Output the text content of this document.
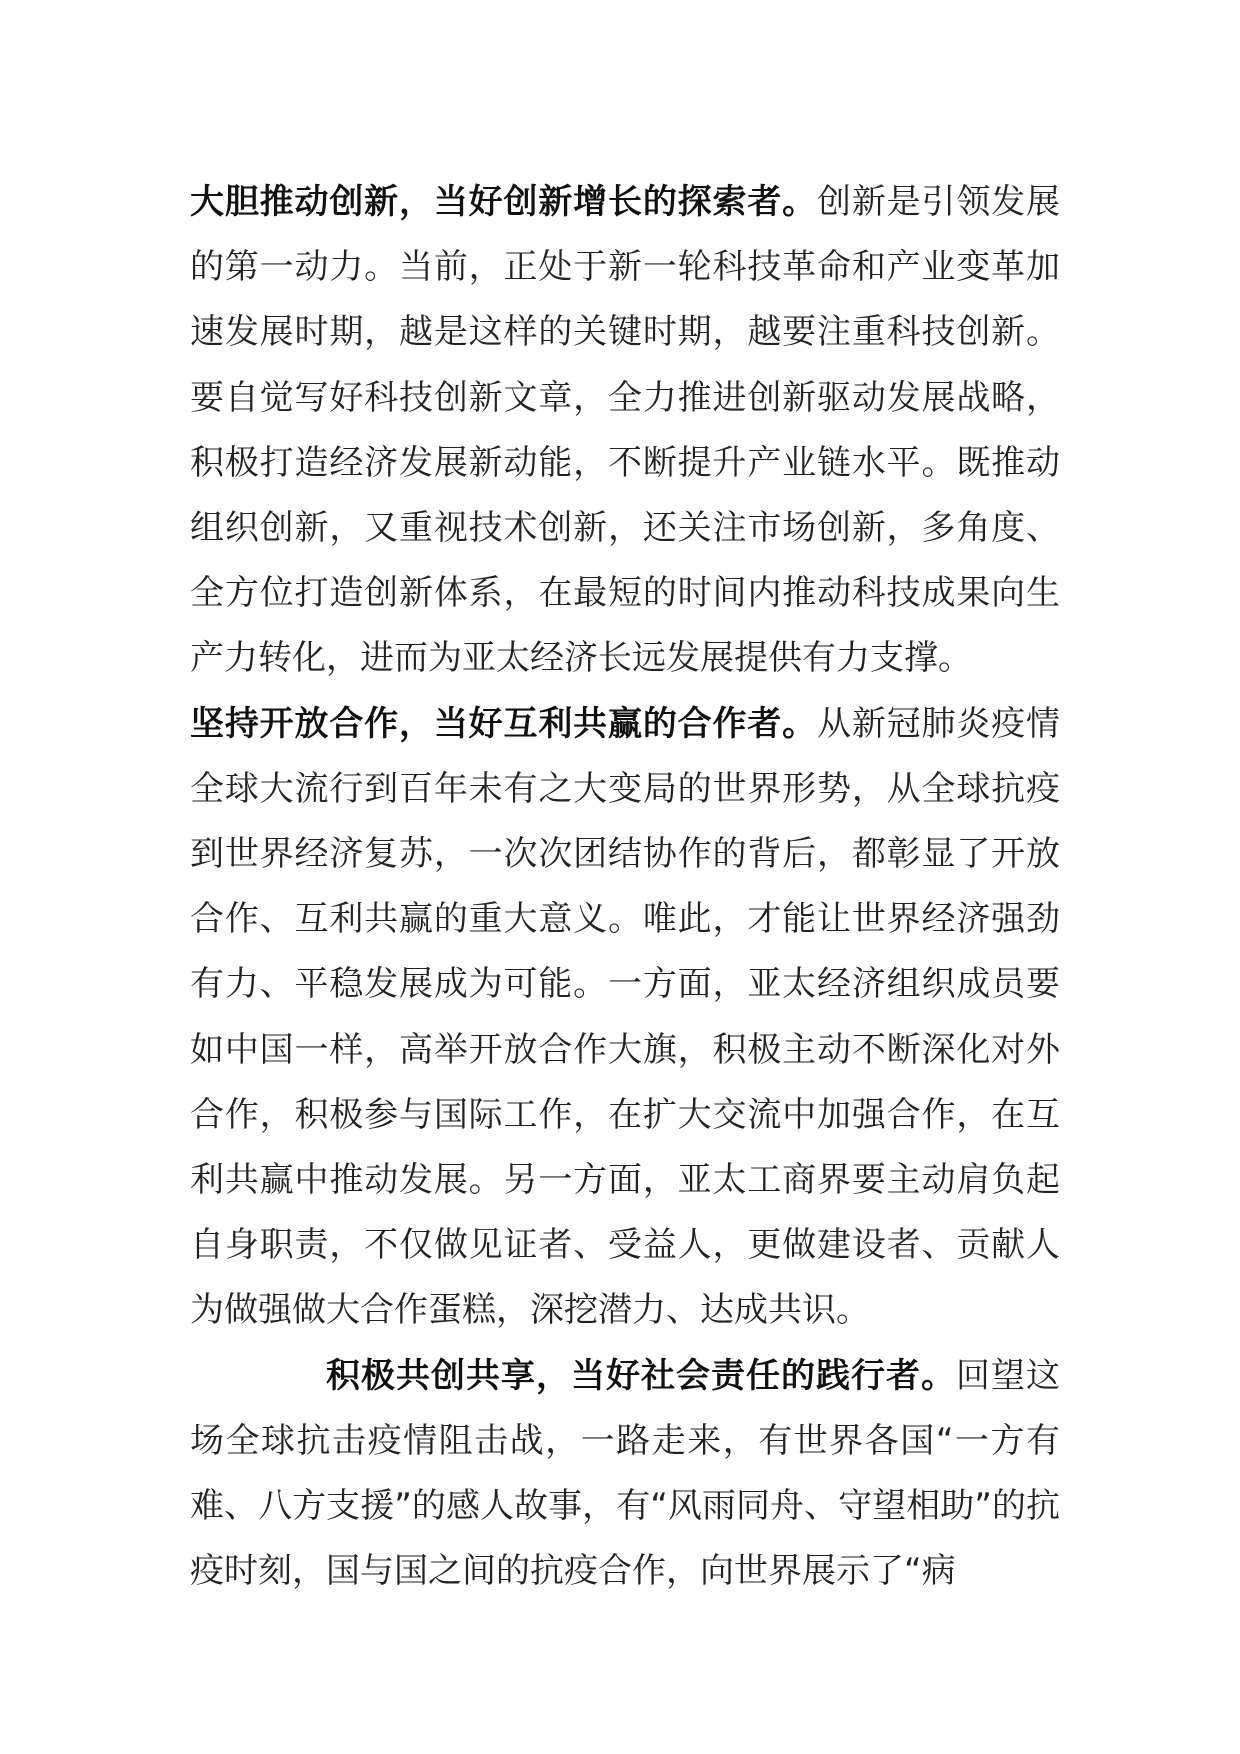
大胆推动创新，当好创新增长的探索者。创新是引领发展的第一动力。当前，正处于新一轮科技革命和产业变革加速发展时期，越是这样的关键时期，越要注重科技创新。要自觉写好科技创新文章，全力推进创新驱动发展战略，积极打造经济发展新动能，不断提升产业链水平。既推动组织创新，又重视技术创新，还关注市场创新，多角度、全方位打造创新体系，在最短的时间内推动科技成果向生产力转化，进而为亚太经济长远发展提供有力支撑。

坚持开放合作，当好互利共赢的合作者。从新冠肺炎疫情全球大流行到百年未有之大变局的世界形势，从全球抗疫到世界经济复苏，一次次团结协作的背后，都彰显了开放合作、互利共赢的重大意义。唯此，才能让世界经济强劲有力、平稳发展成为可能。一方面，亚太经济组织成员要如中国一样，高举开放合作大旗，积极主动不断深化对外合作，积极参与国际工作，在扩大交流中加强合作，在互利共赢中推动发展。另一方面，亚太工商界要主动肩负起自身职责，不仅做见证者、受益人，更做建设者、贡献人为做强做大合作蛋糕，深挖潜力、达成共识。

积极共创共享，当好社会责任的践行者。回望这场全球抗击疫情阻击战，一路走来，有世界各国“一方有难、八方支援”的感人故事，有“风雨同舟、守望相助”的抗疫时刻，国与国之间的抗疫合作，向世界展示了“病
